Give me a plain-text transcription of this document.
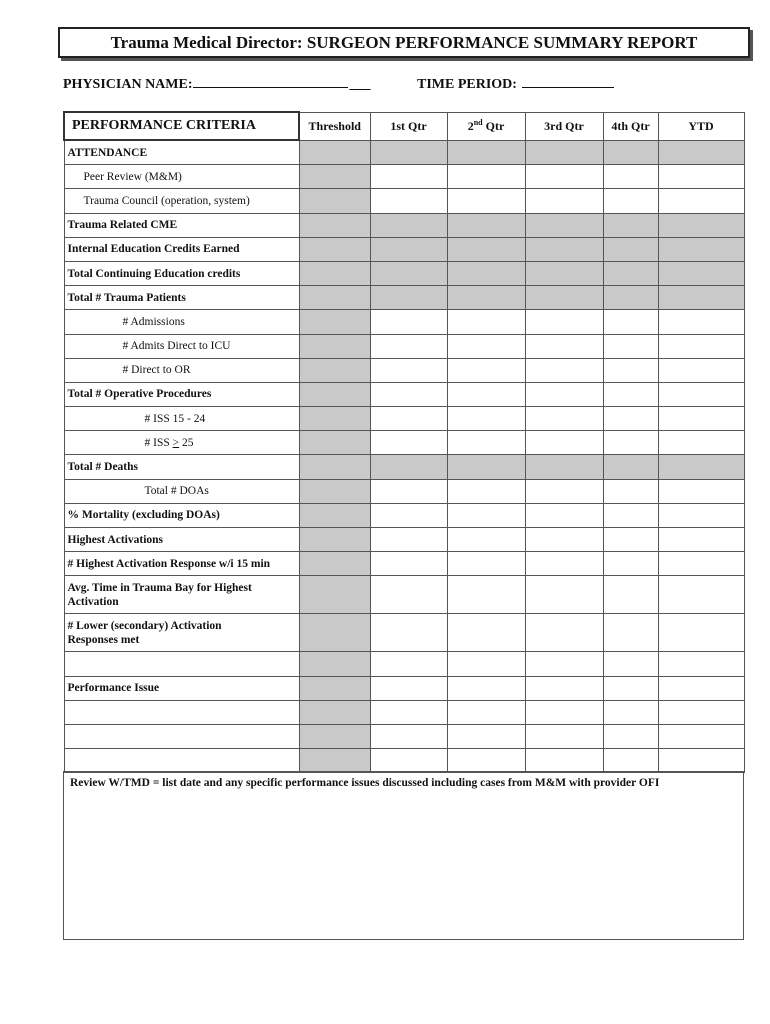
Trauma Medical Director: SURGEON PERFORMANCE SUMMARY REPORT
PHYSICIAN NAME:	___	TIME PERIOD:
PERFORMANCE CRITERIA	Threshold	1st Qtr	2nd Qtr	3rd Qtr	4th Qtr	YTD
ATTENDANCE						
Peer Review (M&M)						
Trauma Council (operation, system)						
Trauma Related CME						
Internal Education Credits Earned						
Total Continuing Education credits						
Total # Trauma Patients						
# Admissions						
# Admits Direct to ICU						
# Direct to OR						
Total # Operative Procedures						
# ISS 15 - 24						
# ISS > 25						
Total # Deaths						
Total # DOAs						
% Mortality (excluding DOAs)						
Highest Activations						
# Highest Activation Response w/i 15 min						
Avg. Time in Trauma Bay for Highest
Activation						
# Lower (secondary) Activation
Responses met						

Performance Issue						

Review W/TMD = list date and any specific performance issues discussed including cases from M&M with provider OFI
